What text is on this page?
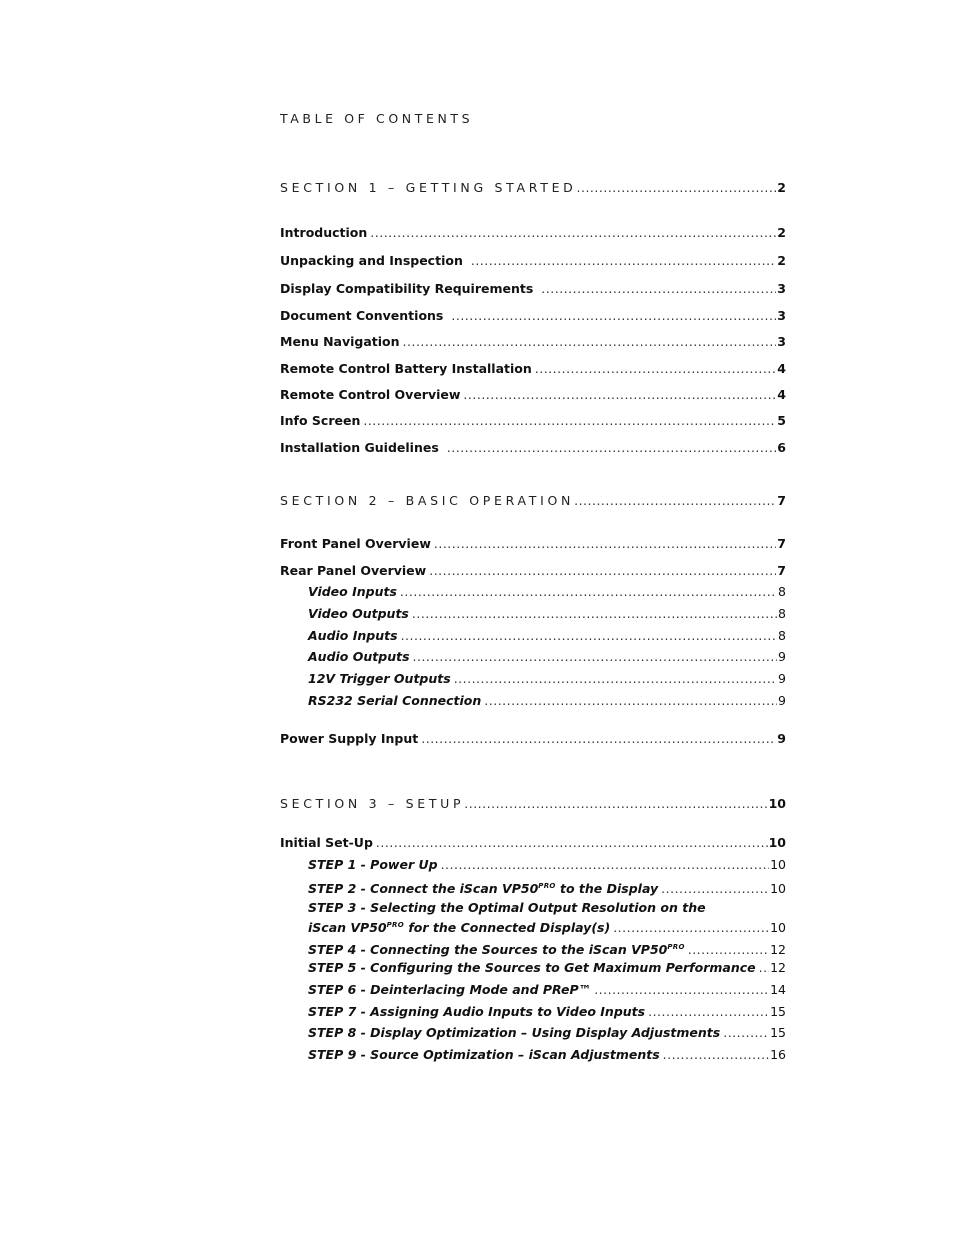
TABLE OF CONTENTS
SECTION 1 – GETTING STARTED .....	2
Introduction .....	2
Unpacking and Inspection .....	2
Display Compatibility Requirements .....	3
Document Conventions .....	3
Menu Navigation .....	3
Remote Control Battery Installation .....	4
Remote Control Overview .....	4
Info Screen .....	5
Installation Guidelines .....	6
SECTION 2 – BASIC OPERATION .....	7
Front Panel Overview .....	7
Rear Panel Overview .....	7
Video Inputs .....	8
Video Outputs .....	8
Audio Inputs .....	8
Audio Outputs .....	9
12V Trigger Outputs .....	9
RS232 Serial Connection .....	9
Power Supply Input .....	9
SECTION 3 – SETUP .....	10
Initial Set-Up .....	10
STEP 1 - Power Up .....	10
STEP 2 - Connect the iScan $VP50^{PRO}$ to the Display .....	10
STEP 3 - Selecting the Optimal Output Resolution on the
iScan $VP50^{PRO}$ for the Connected Display(s) .....	10
STEP 4 - Connecting the Sources to the iScan $VP50^{PRO}$ .....	12
STEP 5 - Configuring the Sources to Get Maximum Performance ..... 12
STEP 6 - Deinterlacing Mode and PReP™ .....	14
STEP 7 - Assigning Audio Inputs to Video Inputs .....	15
STEP 8 - Display Optimization – Using Display Adjustments .....	15
STEP 9 - Source Optimization – iScan Adjustments .....	16
